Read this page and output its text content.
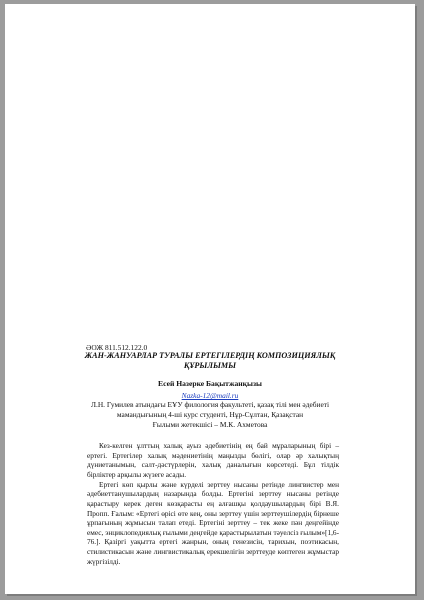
ӘОЖ 811.512.122.0
ЖАН-ЖАНУАРЛАР ТУРАЛЫ ЕРТЕГІЛЕРДІҢ КОМПОЗИЦИЯЛЫҚ
ҚҰРЫЛЫМЫ
Есей Назерке Бақытжанқызы
Nazka-12@mail.ru
Л.Н. Гумилев атындағы ЕҰУ филология факультеті, қазақ тілі мен әдебиеті
мамандығының 4-ші курс студенті, Нұр-Сұлтан, Қазақстан
Ғылыми жетекшісі – М.К. Ахметова

Кез-келген ұлттың халық ауыз әдебиетінің ең бай мұраларының бірі – ертегі. Ертегілер халық мәдениетінің маңызды бөлігі, олар әр халықтың дүниетанымын, салт-дәстүрлерін, халық даналығын көрсетеді. Бұл тілдік бірліктер арқылы жүзеге асады.

Ертегі көп қырлы және күрделі зерттеу нысаны ретінде лингвистер мен әдебиеттанушылардың назарында болды. Ертегіні зерттеу нысаны ретінде қарастыру керек деген көзқарасты ең алғашқы қолдаушылардың бірі В.Я. Пропп. Ғалым: «Ертегі өрісі өте кең, оны зерттеу үшін зерттеушілердің бірнеше ұрпағының жұмысын талап етеді. Ертегіні зерттеу – тек жеке пән деңгейінде емес, энциклопедиялық ғылыми деңгейде қарастырылатын тәуелсіз ғылым»[1,6-76.]. Қазіргі уақытта ертегі жанрын, оның генезисін, тарихын, поэтикасын, стилистикасын және лингвистикалық ерекшелігін зерттеуде көптеген жұмыстар жүргізілді.
